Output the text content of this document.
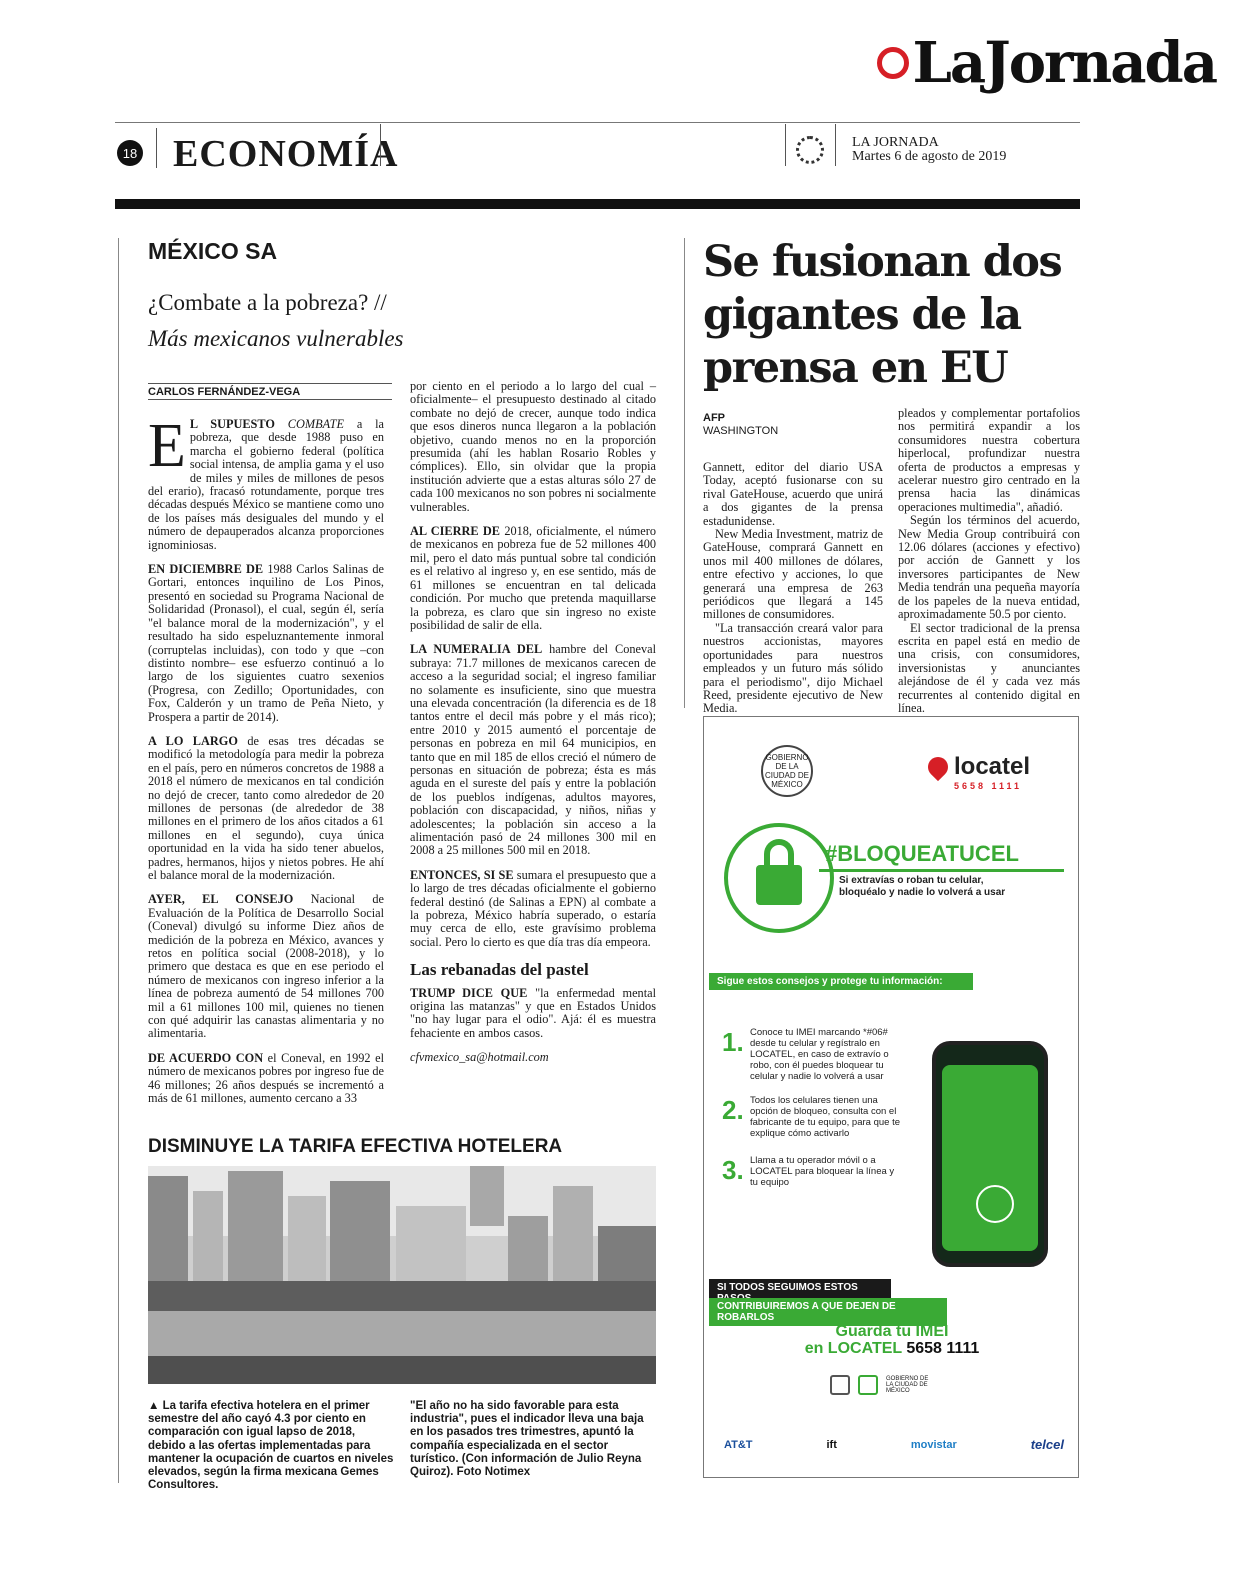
LaJornada
18 ECONOMÍA	LA JORNADA
Martes 6 de agosto de 2019
MÉXICO SA
¿Combate a la pobreza? //
Más mexicanos vulnerables
CARLOS FERNÁNDEZ-VEGA

E L SUPUESTO COMBATE a la pobreza, que desde 1988 puso en marcha el gobierno federal (política social intensa, de amplia gama y el uso de miles y miles de millones de pesos del erario), fracasó rotundamente, porque tres décadas después México se mantiene como uno de los países más desiguales del mundo y el número de depauperados alcanza proporciones ignominiosas.

EN DICIEMBRE DE 1988 Carlos Salinas de Gortari, entonces inquilino de Los Pinos, presentó en sociedad su Programa Nacional de Solidaridad (Pronasol), el cual, según él, sería "el balance moral de la modernización", y el resultado ha sido espeluznantemente inmoral (corruptelas incluidas), con todo y que –con distinto nombre– ese esfuerzo continuó a lo largo de los siguientes cuatro sexenios (Progresa, con Zedillo; Oportunidades, con Fox, Calderón y un tramo de Peña Nieto, y Prospera a partir de 2014).

A LO LARGO de esas tres décadas se modificó la metodología para medir la pobreza en el país, pero en números concretos de 1988 a 2018 el número de mexicanos en tal condición no dejó de crecer, tanto como alrededor de 20 millones de personas (de alrededor de 38 millones en el primero de los años citados a 61 millones en el segundo), cuya única oportunidad en la vida ha sido tener abuelos, padres, hermanos, hijos y nietos pobres. He ahí el balance moral de la modernización.

AYER, EL CONSEJO Nacional de Evaluación de la Política de Desarrollo Social (Coneval) divulgó su informe Diez años de medición de la pobreza en México, avances y retos en política social (2008-2018), y lo primero que destaca es que en ese periodo el número de mexicanos con ingreso inferior a la línea de pobreza aumentó de 54 millones 700 mil a 61 millones 100 mil, quienes no tienen con qué adquirir las canastas alimentaria y no alimentaria.

DE ACUERDO CON el Coneval, en 1992 el número de mexicanos pobres por ingreso fue de 46 millones; 26 años después se incrementó a más de 61 millones, aumento cercano a 33

por ciento en el periodo a lo largo del cual –oficialmente– el presupuesto destinado al citado combate no dejó de crecer, aunque todo indica que esos dineros nunca llegaron a la población objetivo, cuando menos no en la proporción presumida (ahí les hablan Rosario Robles y cómplices). Ello, sin olvidar que la propia institución advierte que a estas alturas sólo 27 de cada 100 mexicanos no son pobres ni socialmente vulnerables.

AL CIERRE DE 2018, oficialmente, el número de mexicanos en pobreza fue de 52 millones 400 mil, pero el dato más puntual sobre tal condición es el relativo al ingreso y, en ese sentido, más de 61 millones se encuentran en tal delicada condición. Por mucho que pretenda maquillarse la pobreza, es claro que sin ingreso no existe posibilidad de salir de ella.

LA NUMERALIA DEL hambre del Coneval subraya: 71.7 millones de mexicanos carecen de acceso a la seguridad social; el ingreso familiar no solamente es insuficiente, sino que muestra una elevada concentración (la diferencia es de 18 tantos entre el decil más pobre y el más rico); entre 2010 y 2015 aumentó el porcentaje de personas en pobreza en mil 64 municipios, en tanto que en mil 185 de ellos creció el número de personas en situación de pobreza; ésta es más aguda en el sureste del país y entre la población de los pueblos indígenas, adultos mayores, población con discapacidad, y niños, niñas y adolescentes; la población sin acceso a la alimentación pasó de 24 millones 300 mil en 2008 a 25 millones 500 mil en 2018.

ENTONCES, SI SE sumara el presupuesto que a lo largo de tres décadas oficialmente el gobierno federal destinó (de Salinas a EPN) al combate a la pobreza, México habría superado, o estaría muy cerca de ello, este gravísimo problema social. Pero lo cierto es que día tras día empeora.

Las rebanadas del pastel

TRUMP DICE QUE "la enfermedad mental origina las matanzas" y que en Estados Unidos "no hay lugar para el odio". Ajá: él es muestra fehaciente en ambos casos.

cfvmexico_sa@hotmail.com

DISMINUYE LA TARIFA EFECTIVA HOTELERA
▲ La tarifa efectiva hotelera en el primer semestre del año cayó 4.3 por ciento en comparación con igual lapso de 2018, debido a las ofertas implementadas para mantener la ocupación de cuartos en niveles elevados, según la firma mexicana Gemes Consultores.
"El año no ha sido favorable para esta industria", pues el indicador lleva una baja en los pasados tres trimestres, apuntó la compañía especializada en el sector turístico. (Con información de Julio Reyna Quiroz). Foto Notimex
Se fusionan dos gigantes de la prensa en EU
AFP
WASHINGTON

Gannett, editor del diario USA Today, aceptó fusionarse con su rival GateHouse, acuerdo que unirá a dos gigantes de la prensa estadunidense.

New Media Investment, matriz de GateHouse, comprará Gannett en unos mil 400 millones de dólares, entre efectivo y acciones, lo que generará una empresa de 263 periódicos que llegará a 145 millones de consumidores.

"La transacción creará valor para nuestros accionistas, mayores oportunidades para nuestros empleados y un futuro más sólido para el periodismo", dijo Michael Reed, presidente ejecutivo de New Media.

pleados y complementar portafolios nos permitirá expandir a los consumidores nuestra cobertura hiperlocal, profundizar nuestra oferta de productos a empresas y acelerar nuestro giro centrado en la prensa hacia las dinámicas operaciones multimedia", añadió.

Según los términos del acuerdo, New Media Group contribuirá con 12.06 dólares (acciones y efectivo) por acción de Gannett y los inversores participantes de New Media tendrán una pequeña mayoría de los papeles de la nueva entidad, aproximadamente 50.5 por ciento.

El sector tradicional de la prensa escrita en papel está en medio de una crisis, con consumidores, inversionistas y anunciantes alejándose de él y cada vez más recurrentes al contenido digital en línea.

GOBIERNO DE LA CIUDAD DE MÉXICO
locatel
5658 1111
#BLOQUEATUCEL
Si extravías o roban tu celular,
bloquéalo y nadie lo volverá a usar
Sigue estos consejos y protege tu información:
1. Conoce tu IMEI marcando *#06# desde tu celular y regístralo en LOCATEL, en caso de extravío o robo, con él puedes bloquear tu celular y nadie lo volverá a usar
2. Todos los celulares tienen una opción de bloqueo, consulta con el fabricante de tu equipo, para que te explique cómo activarlo
3. Llama a tu operador móvil o a LOCATEL para bloquear la línea y tu equipo
SI TODOS SEGUIMOS ESTOS
CONTRIBUIREMOS A QUE DEJEN DE ROBARLOS
Guarda tu IMEI
en LOCATEL 5658 1111
GOBIERNO DE LA CIUDAD DE MÉXICO
AT&T	ift	movistar	telcel
